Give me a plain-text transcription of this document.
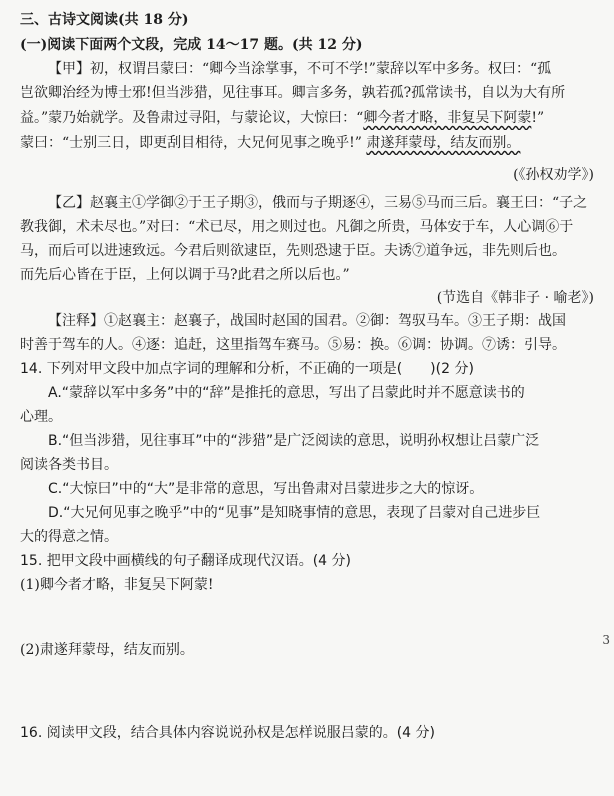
三、古诗文阅读(共 18 分)
(一)阅读下面两个文段，完成 14～17 题。(共 12 分)
【甲】初，权谓吕蒙曰：“卿今当涂掌事，不可不学!”蒙辞以军中多务。权曰：“孤
岂欲卿治经为博士邪!但当涉猎，见往事耳。卿言多务，孰若孤?孤常读书，自以为大有所
益。”蒙乃始就学。及鲁肃过寻阳，与蒙论议，大惊曰：“卿今者才略，非复吴下阿蒙!”
蒙曰：“士别三日，即更刮目相待，大兄何见事之晚乎!” 肃遂拜蒙母，结友而别。
(《孙权劝学》)
【乙】赵襄主①学御②于王子期③，俄而与子期逐④，三易⑤马而三后。襄王曰：“子之
教我御，术未尽也。”对曰：“术已尽，用之则过也。凡御之所贵，马体安于车，人心调⑥于
马，而后可以进速致远。今君后则欲逮臣，先则恐逮于臣。夫诱⑦道争远，非先则后也。
而先后心皆在于臣，上何以调于马?此君之所以后也。”
(节选自《韩非子 · 喻老》)
【注释】①赵襄主：赵襄子，战国时赵国的国君。②御：驾驭马车。③王子期：战国
时善于驾车的人。④逐：追赶，这里指驾车赛马。⑤易：换。⑥调：协调。⑦诱：引导。
14. 下列对甲文段中加点字词的理解和分析，不正确的一项是(　　)(2 分)
A.“蒙辞以军中多务”中的“辞”是推托的意思，写出了吕蒙此时并不愿意读书的
心理。
B.“但当涉猎，见往事耳”中的“涉猎”是广泛阅读的意思，说明孙权想让吕蒙广泛
阅读各类书目。
C.“大惊曰”中的“大”是非常的意思，写出鲁肃对吕蒙进步之大的惊讶。
D.“大兄何见事之晚乎”中的“见事”是知晓事情的意思，表现了吕蒙对自己进步巨
大的得意之情。
15. 把甲文段中画横线的句子翻译成现代汉语。(4 分)
(1)卿今者才略，非复吴下阿蒙!
(2)肃遂拜蒙母，结友而别。
16. 阅读甲文段，结合具体内容说说孙权是怎样说服吕蒙的。(4 分)
3
